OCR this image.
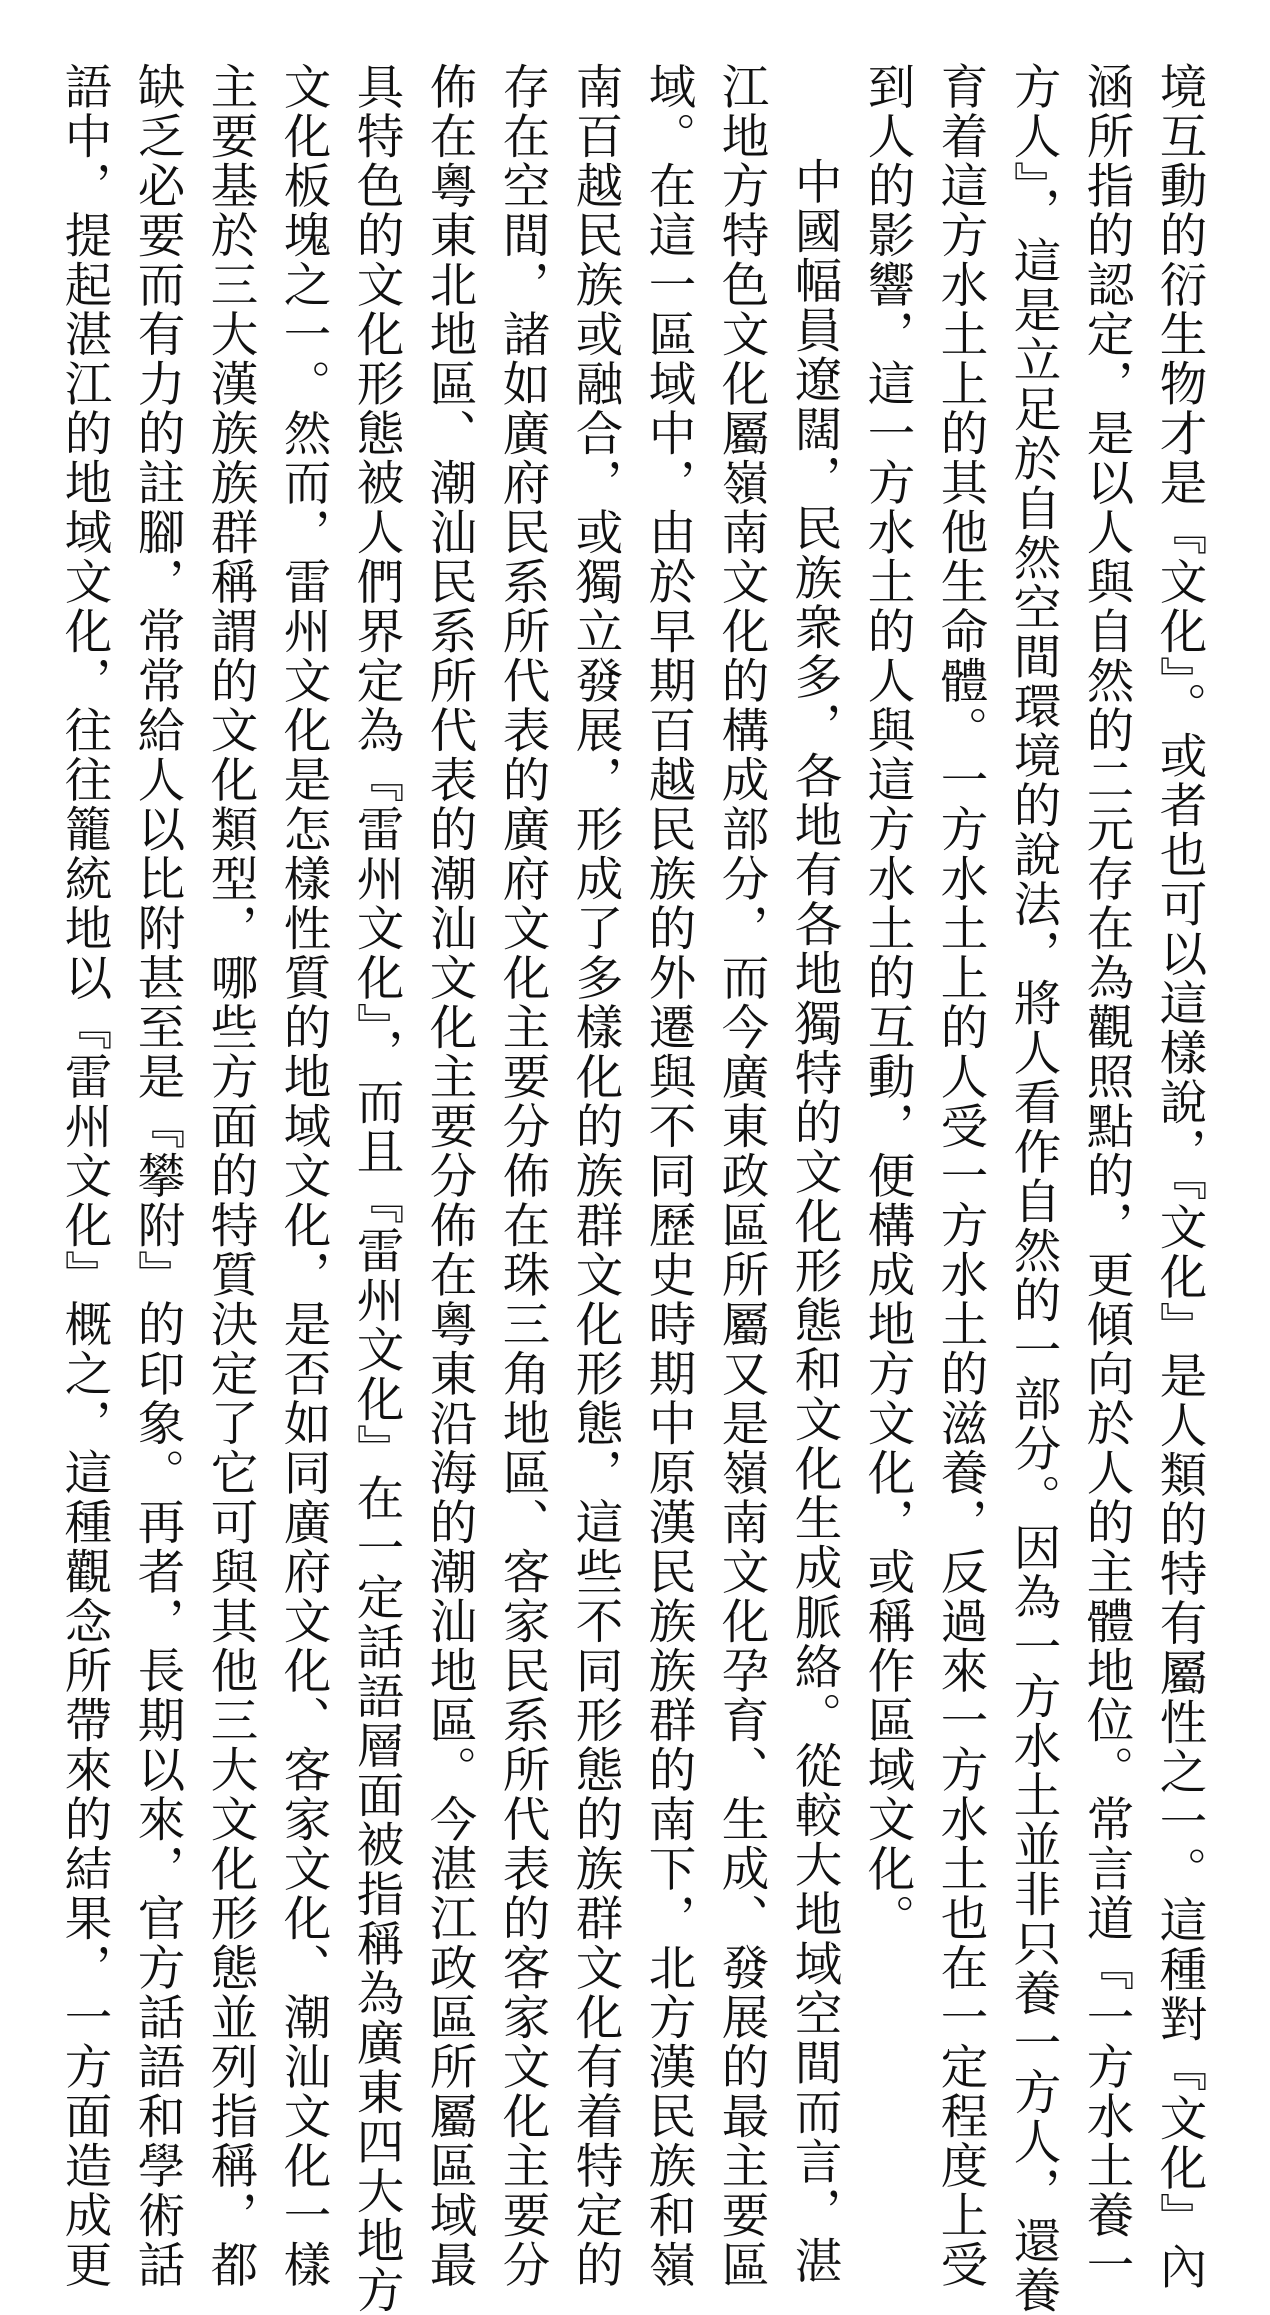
境互動的衍生物才是『文化』。或者也可以這樣說，『文化』是人類的特有屬性之一。這種對『文化』內
涵所指的認定，是以人與自然的二元存在為觀照點的，更傾向於人的主體地位。常言道『一方水土養一
方人』，這是立足於自然空間環境的說法，將人看作自然的一部分。因為一方水土並非只養一方人，還養
育着這方水土上的其他生命體。一方水土上的人受一方水土的滋養，反過來一方水土也在一定程度上受
到人的影響，這一方水土的人與這方水土的互動，便構成地方文化，或稱作區域文化。
中國幅員遼闊，民族衆多，各地有各地獨特的文化形態和文化生成脈絡。從較大地域空間而言，湛
江地方特色文化屬嶺南文化的構成部分，而今廣東政區所屬又是嶺南文化孕育、生成、發展的最主要區
域。在這一區域中，由於早期百越民族的外遷與不同歷史時期中原漢民族族群的南下，北方漢民族和嶺
南百越民族或融合，或獨立發展，形成了多樣化的族群文化形態，這些不同形態的族群文化有着特定的
存在空間，諸如廣府民系所代表的廣府文化主要分佈在珠三角地區、客家民系所代表的客家文化主要分
佈在粵東北地區、潮汕民系所代表的潮汕文化主要分佈在粵東沿海的潮汕地區。今湛江政區所屬區域最
具特色的文化形態被人們界定為『雷州文化』，而且『雷州文化』在一定話語層面被指稱為廣東四大地方
文化板塊之一。然而，雷州文化是怎樣性質的地域文化，是否如同廣府文化、客家文化、潮汕文化一樣
主要基於三大漢族族群稱謂的文化類型，哪些方面的特質決定了它可與其他三大文化形態並列指稱，都
缺乏必要而有力的註腳，常常給人以比附甚至是『攀附』的印象。再者，長期以來，官方話語和學術話
語中，提起湛江的地域文化，往往籠統地以『雷州文化』概之，這種觀念所帶來的結果，一方面造成更
